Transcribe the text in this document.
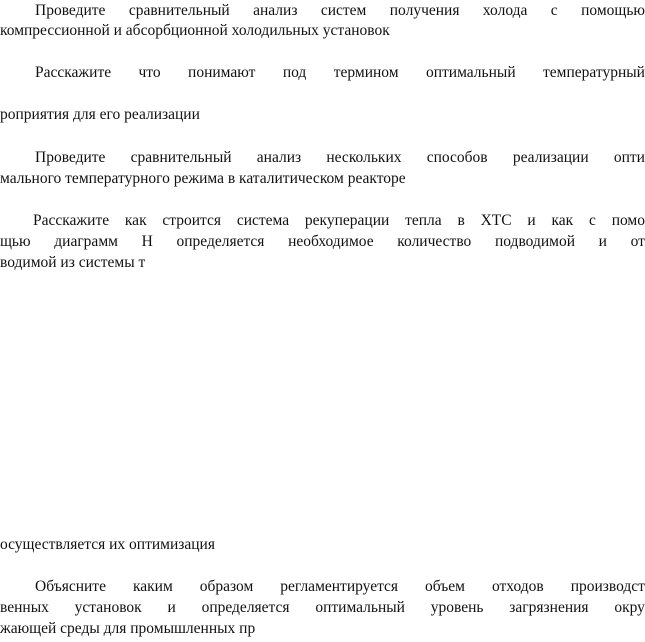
Проведите сравнительный анализ систем получения холода с помощью
компрессионной и абсорбционной холодильных установок
Расскажите что понимают под термином оптимальный температурный
роприятия для его реализации
Проведите сравнительный анализ нескольких способов реализации опти
мального температурного режима в каталитическом реакторе
Расскажите как строится система рекуперации тепла в ХТС и как с помо
щью диаграмм Н определяется необходимое количество подводимой и от
водимой из системы т
осуществляется их оптимизация
Объясните каким образом регламентируется объем отходов производст
венных установок и определяется оптимальный уровень загрязнения окру
жающей среды для промышленных пр
